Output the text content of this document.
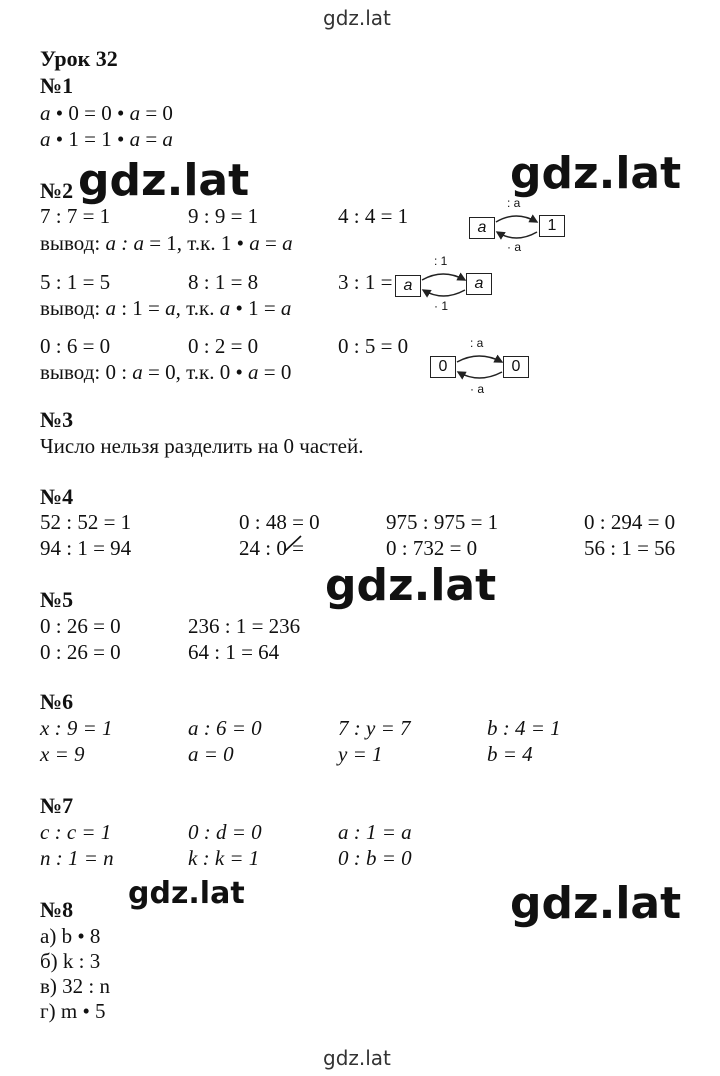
gdz.lat
gdz.lat
gdz.lat	gdz.lat
gdz.lat
gdz.lat	gdz.lat
Урок 32
№1
a • 0 = 0 • a = 0
a • 1 = 1 • a = a
№2
7 : 7 = 1	9 : 9 = 1	4 : 4 = 1
вывод: a : a = 1, т.к. 1 • a = a
5 : 1 = 5	8 : 1 = 8	3 : 1 =
вывод: a : 1 = a, т.к. a • 1 = a
0 : 6 = 0	0 : 2 = 0	0 : 5 = 0
вывод: 0 : a = 0, т.к. 0 • a = 0
a	1
: a
· a
a	a
: 1
· 1
0	0
: a
· a
№3
Число нельзя разделить на 0 частей.
№4
52 : 52 = 1	0 : 48 = 0	975 : 975 = 1	0 : 294 = 0
94 : 1 = 94	24 : 0 =	0 : 732 = 0	56 : 1 = 56
№5
0 : 26 = 0	236 : 1 = 236
0 : 26 = 0	64 : 1 = 64
№6
x : 9 = 1	a : 6 = 0	7 : y = 7	b : 4 = 1
x = 9	a = 0	y = 1	b = 4
№7
c : c = 1	0 : d = 0	a : 1 = a
n : 1 = n	k : k = 1	0 : b = 0
№8
а) b • 8
б) k : 3
в) 32 : n
г) m • 5
